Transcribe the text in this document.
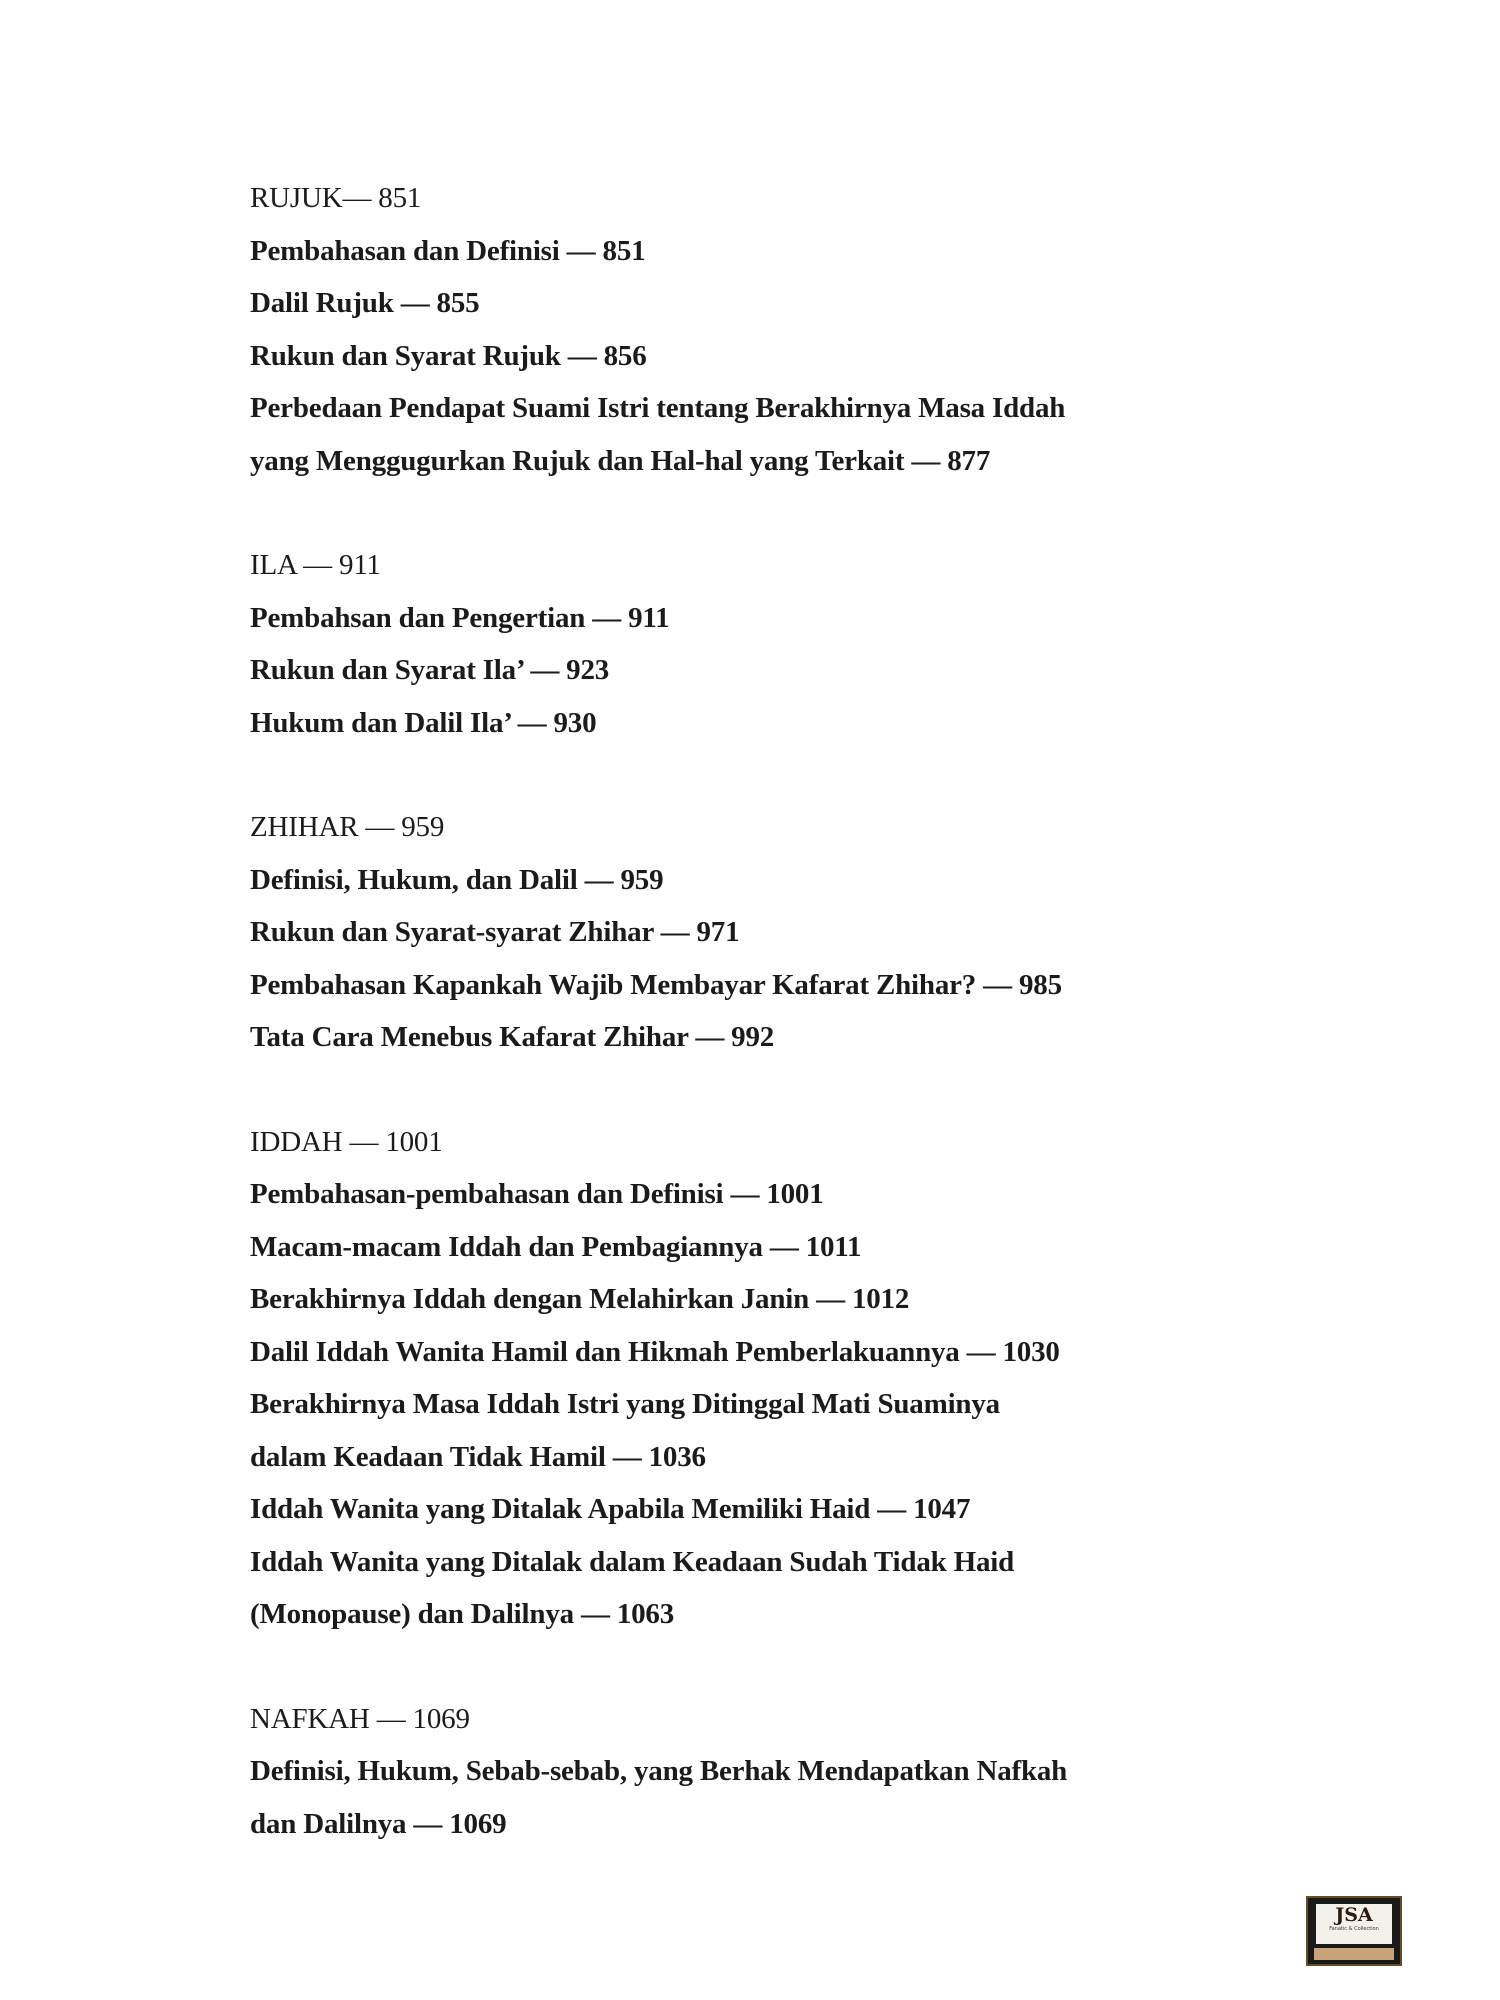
RUJUK— 851
Pembahasan dan Definisi — 851
Dalil Rujuk — 855
Rukun dan Syarat Rujuk — 856
Perbedaan Pendapat Suami Istri tentang Berakhirnya Masa Iddah
yang Menggugurkan Rujuk dan Hal-hal yang Terkait — 877
ILA — 911
Pembahsan dan Pengertian — 911
Rukun dan Syarat Ila’ — 923
Hukum dan Dalil Ila’ — 930
ZHIHAR — 959
Definisi, Hukum, dan Dalil — 959
Rukun dan Syarat-syarat Zhihar — 971
Pembahasan Kapankah Wajib Membayar Kafarat Zhihar? — 985
Tata Cara Menebus Kafarat Zhihar — 992
IDDAH — 1001
Pembahasan-pembahasan dan Definisi — 1001
Macam-macam Iddah dan Pembagiannya — 1011
Berakhirnya Iddah dengan Melahirkan Janin — 1012
Dalil Iddah Wanita Hamil dan Hikmah Pemberlakuannya — 1030
Berakhirnya Masa Iddah Istri yang Ditinggal Mati Suaminya
dalam Keadaan Tidak Hamil — 1036
Iddah Wanita yang Ditalak Apabila Memiliki Haid — 1047
Iddah Wanita yang Ditalak dalam Keadaan Sudah Tidak Haid
(Monopause) dan Dalilnya — 1063
NAFKAH — 1069
Definisi, Hukum, Sebab-sebab, yang Berhak Mendapatkan Nafkah
dan Dalilnya — 1069
JSA
Fanatic & Collection
